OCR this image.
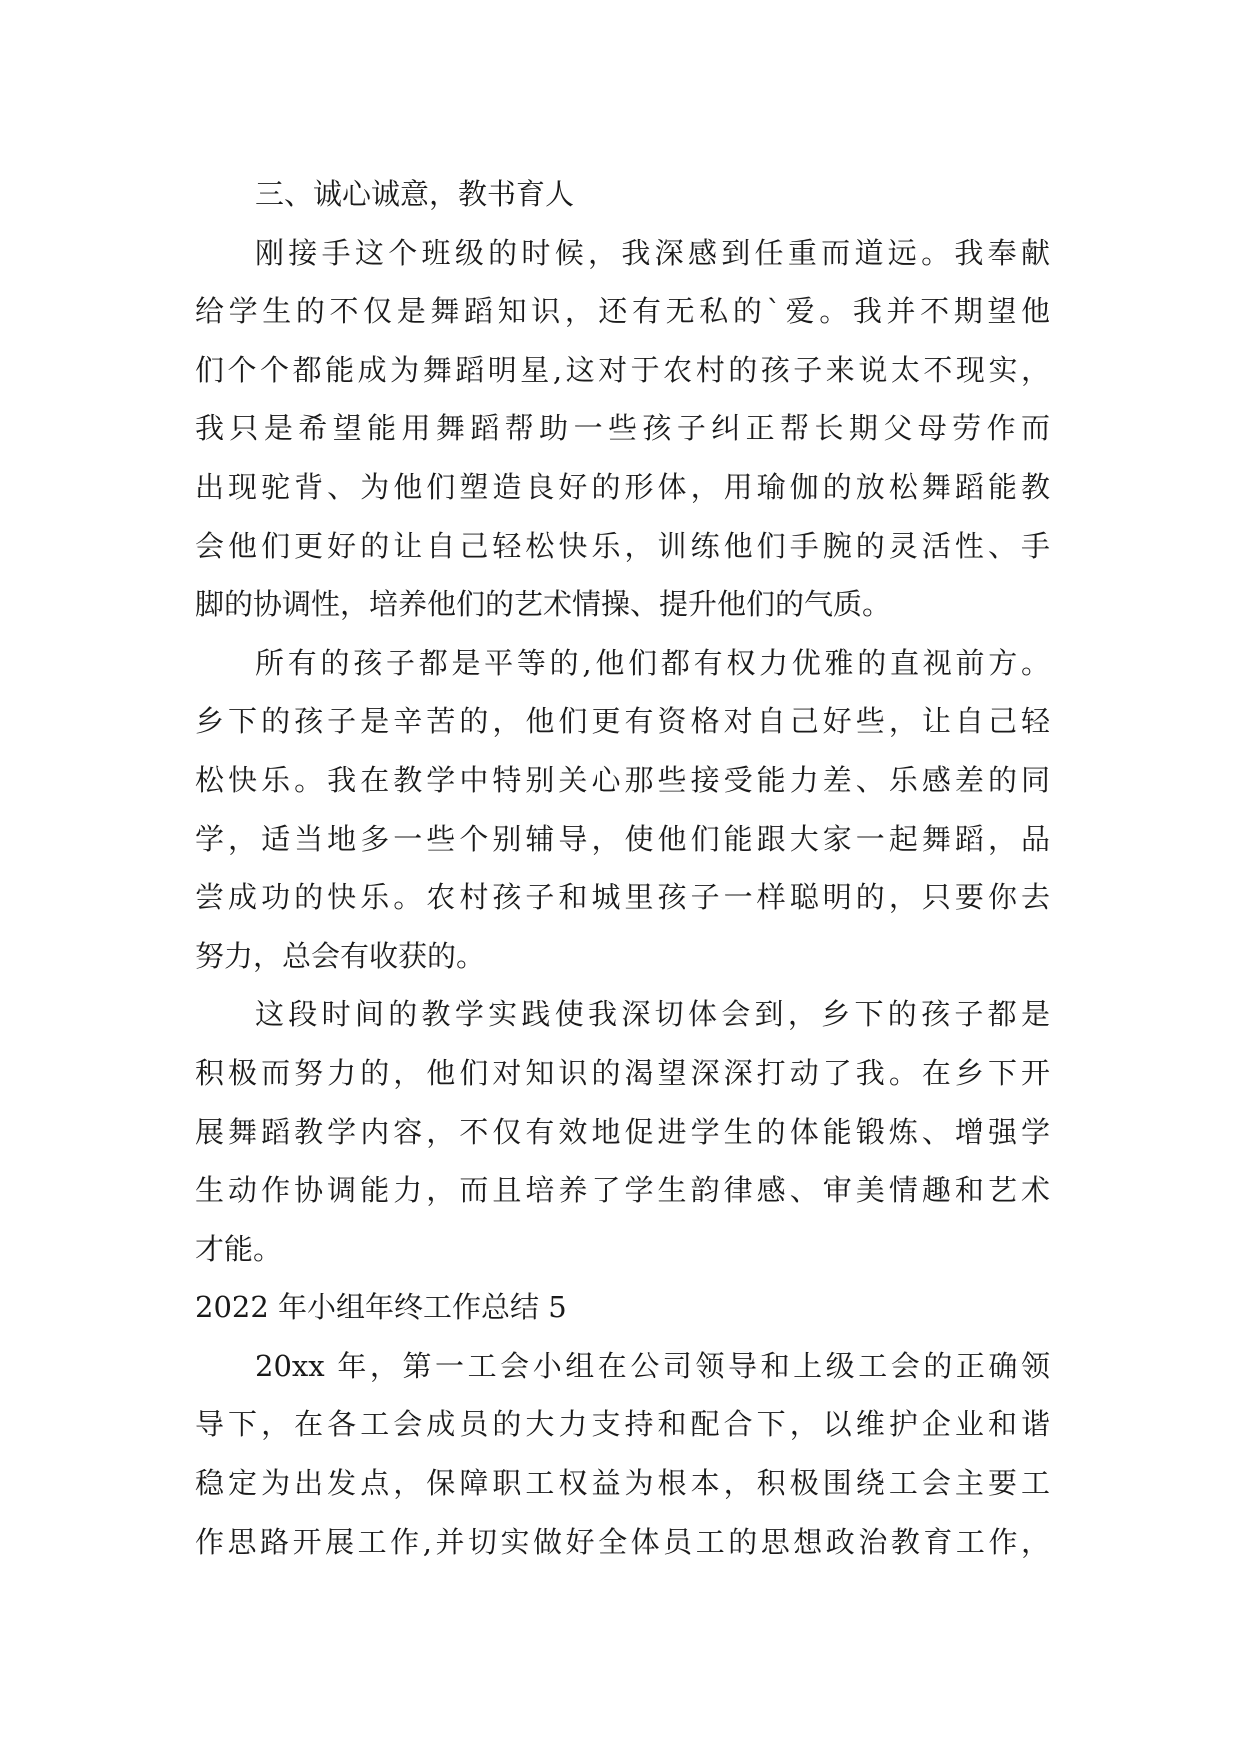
三、诚心诚意，教书育人
刚接手这个班级的时候，我深感到任重而道远。我奉献
给学生的不仅是舞蹈知识，还有无私的`爱。我并不期望他
们个个都能成为舞蹈明星,这对于农村的孩子来说太不现实，
我只是希望能用舞蹈帮助一些孩子纠正帮长期父母劳作而
出现驼背、为他们塑造良好的形体，用瑜伽的放松舞蹈能教
会他们更好的让自己轻松快乐，训练他们手腕的灵活性、手
脚的协调性，培养他们的艺术情操、提升他们的气质。
所有的孩子都是平等的,他们都有权力优雅的直视前方。
乡下的孩子是辛苦的，他们更有资格对自己好些，让自己轻
松快乐。我在教学中特别关心那些接受能力差、乐感差的同
学，适当地多一些个别辅导，使他们能跟大家一起舞蹈，品
尝成功的快乐。农村孩子和城里孩子一样聪明的，只要你去
努力，总会有收获的。
这段时间的教学实践使我深切体会到，乡下的孩子都是
积极而努力的，他们对知识的渴望深深打动了我。在乡下开
展舞蹈教学内容，不仅有效地促进学生的体能锻炼、增强学
生动作协调能力，而且培养了学生韵律感、审美情趣和艺术
才能。
2022 年小组年终工作总结 5
20xx 年，第一工会小组在公司领导和上级工会的正确领
导下，在各工会成员的大力支持和配合下，以维护企业和谐
稳定为出发点，保障职工权益为根本，积极围绕工会主要工
作思路开展工作,并切实做好全体员工的思想政治教育工作，
